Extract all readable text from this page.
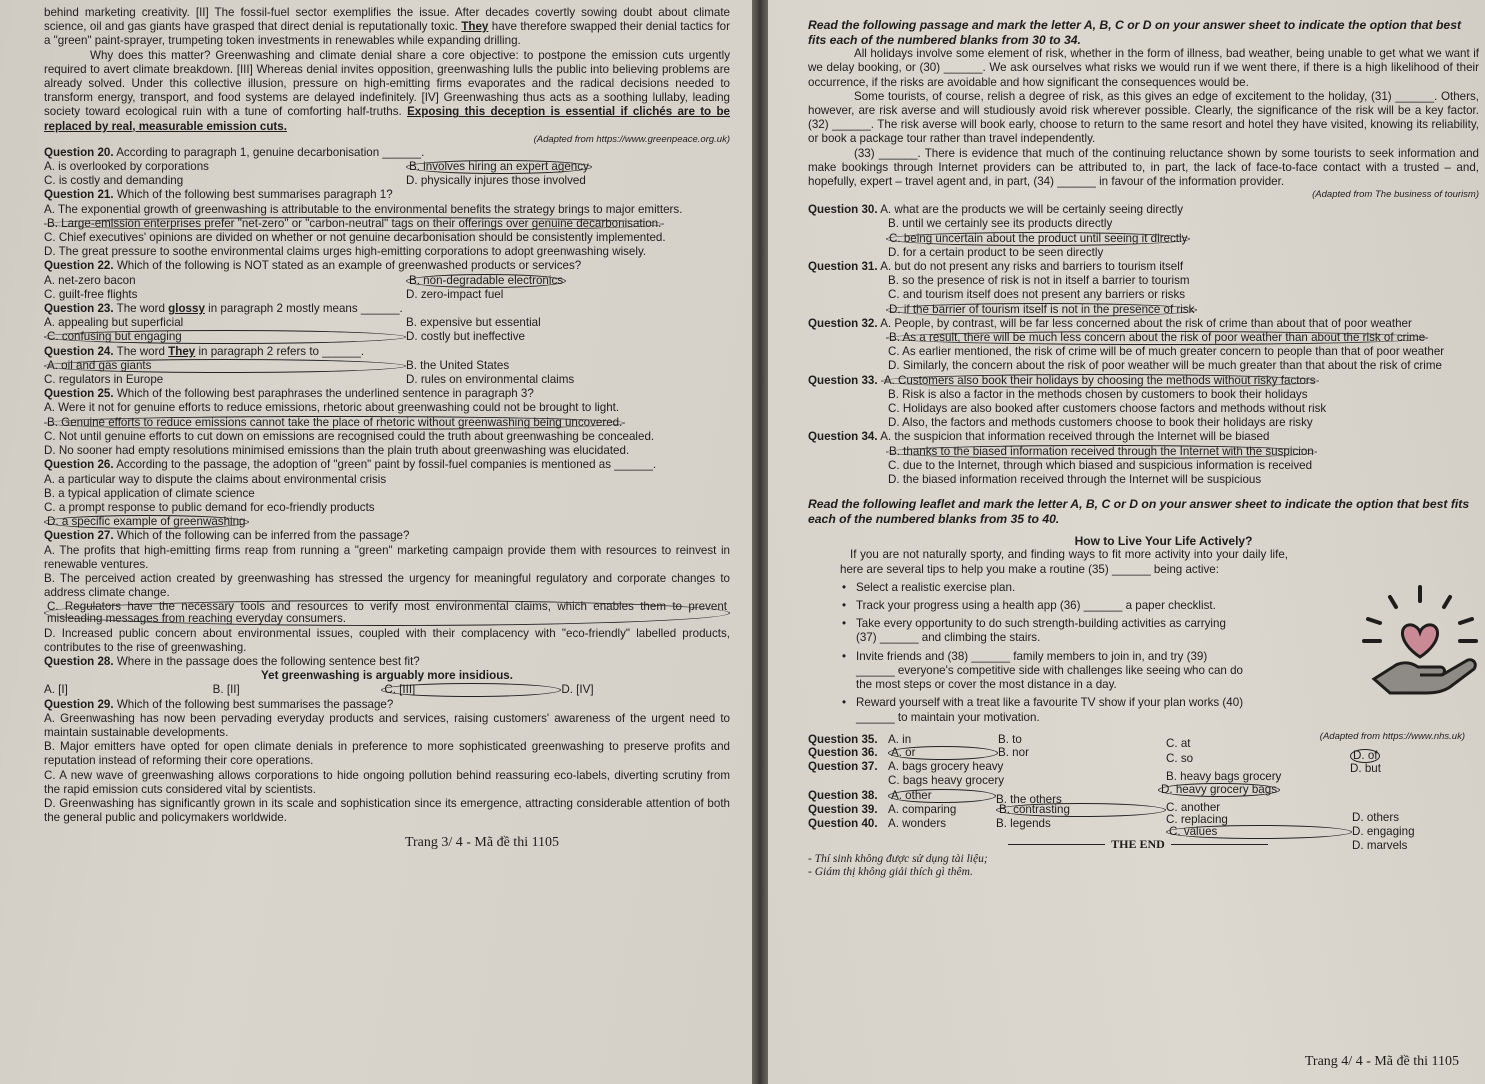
behind marketing creativity. [II] The fossil-fuel sector exemplifies the issue. After decades covertly sowing doubt about climate science, oil and gas giants have grasped that direct denial is reputationally toxic. They have therefore swapped their denial tactics for a "green" paint-sprayer, trumpeting token investments in renewables while expanding drilling.
Why does this matter? Greenwashing and climate denial share a core objective: to postpone the emission cuts urgently required to avert climate breakdown. [III] Whereas denial invites opposition, greenwashing lulls the public into believing problems are already solved. Under this collective illusion, pressure on high-emitting firms evaporates and the radical decisions needed to transform energy, transport, and food systems are delayed indefinitely. [IV] Greenwashing thus acts as a soothing lullaby, leading society toward ecological ruin with a tune of comforting half-truths. Exposing this deception is essential if clichés are to be replaced by real, measurable emission cuts.
(Adapted from https://www.greenpeace.org.uk)
Question 20. According to paragraph 1, genuine decarbonisation ______.
A. is overlooked by corporations	B. involves hiring an expert agency
C. is costly and demanding	D. physically injures those involved
Question 21. Which of the following best summarises paragraph 1?
A. The exponential growth of greenwashing is attributable to the environmental benefits the strategy brings to major emitters.
B. Large-emission enterprises prefer "net-zero" or "carbon-neutral" tags on their offerings over genuine decarbonisation.
C. Chief executives' opinions are divided on whether or not genuine decarbonisation should be consistently implemented.
D. The great pressure to soothe environmental claims urges high-emitting corporations to adopt greenwashing wisely.
Question 22. Which of the following is NOT stated as an example of greenwashed products or services?
A. net-zero bacon	B. non-degradable electronics
C. guilt-free flights	D. zero-impact fuel
Question 23. The word glossy in paragraph 2 mostly means ______.
A. appealing but superficial	B. expensive but essential
C. confusing but engaging	D. costly but ineffective
Question 24. The word They in paragraph 2 refers to ______.
A. oil and gas giants	B. the United States
C. regulators in Europe	D. rules on environmental claims
Question 25. Which of the following best paraphrases the underlined sentence in paragraph 3?
A. Were it not for genuine efforts to reduce emissions, rhetoric about greenwashing could not be brought to light.
B. Genuine efforts to reduce emissions cannot take the place of rhetoric without greenwashing being uncovered.
C. Not until genuine efforts to cut down on emissions are recognised could the truth about greenwashing be concealed.
D. No sooner had empty resolutions minimised emissions than the plain truth about greenwashing was elucidated.
Question 26. According to the passage, the adoption of "green" paint by fossil-fuel companies is mentioned as ______.
A. a particular way to dispute the claims about environmental crisis
B. a typical application of climate science
C. a prompt response to public demand for eco-friendly products
D. a specific example of greenwashing
Question 27. Which of the following can be inferred from the passage?
A. The profits that high-emitting firms reap from running a "green" marketing campaign provide them with resources to reinvest in renewable ventures.
B. The perceived action created by greenwashing has stressed the urgency for meaningful regulatory and corporate changes to address climate change.
C. Regulators have the necessary tools and resources to verify most environmental claims, which enables them to prevent misleading messages from reaching everyday consumers.
D. Increased public concern about environmental issues, coupled with their complacency with "eco-friendly" labelled products, contributes to the rise of greenwashing.
Question 28. Where in the passage does the following sentence best fit?
Yet greenwashing is arguably more insidious.
A. [I]	B. [II]	C. [III]	D. [IV]
Question 29. Which of the following best summarises the passage?
A. Greenwashing has now been pervading everyday products and services, raising customers' awareness of the urgent need to maintain sustainable developments.
B. Major emitters have opted for open climate denials in preference to more sophisticated greenwashing to preserve profits and reputation instead of reforming their core operations.
C. A new wave of greenwashing allows corporations to hide ongoing pollution behind reassuring eco-labels, diverting scrutiny from the rapid emission cuts considered vital by scientists.
D. Greenwashing has significantly grown in its scale and sophistication since its emergence, attracting considerable attention of both the general public and policymakers worldwide.
Trang 3/ 4 - Mã đề thi 1105
Read the following passage and mark the letter A, B, C or D on your answer sheet to indicate the option that best fits each of the numbered blanks from 30 to 34.
All holidays involve some element of risk, whether in the form of illness, bad weather, being unable to get what we want if we delay booking, or (30) ______. We ask ourselves what risks we would run if we went there, if there is a high likelihood of their occurrence, if the risks are avoidable and how significant the consequences would be.
Some tourists, of course, relish a degree of risk, as this gives an edge of excitement to the holiday, (31) ______. Others, however, are risk averse and will studiously avoid risk wherever possible. Clearly, the significance of the risk will be a key factor. (32) ______. The risk averse will book early, choose to return to the same resort and hotel they have visited, knowing its reliability, or book a package tour rather than travel independently.
(33) ______. There is evidence that much of the continuing reluctance shown by some tourists to seek information and make bookings through Internet providers can be attributed to, in part, the lack of face-to-face contact with a trusted – and, hopefully, expert – travel agent and, in part, (34) ______ in favour of the information provider.
(Adapted from The business of tourism)
Question 30. A. what are the products we will be certainly seeing directly
B. until we certainly see its products directly
C. being uncertain about the product until seeing it directly
D. for a certain product to be seen directly
Question 31. A. but do not present any risks and barriers to tourism itself
B. so the presence of risk is not in itself a barrier to tourism
C. and tourism itself does not present any barriers or risks
D. if the barrier of tourism itself is not in the presence of risk
Question 32. A. People, by contrast, will be far less concerned about the risk of crime than about that of poor weather
B. As a result, there will be much less concern about the risk of poor weather than about the risk of crime
C. As earlier mentioned, the risk of crime will be of much greater concern to people than that of poor weather
D. Similarly, the concern about the risk of poor weather will be much greater than that about the risk of crime
Question 33. A. Customers also book their holidays by choosing the methods without risky factors
B. Risk is also a factor in the methods chosen by customers to book their holidays
C. Holidays are also booked after customers choose factors and methods without risk
D. Also, the factors and methods customers choose to book their holidays are risky
Question 34. A. the suspicion that information received through the Internet will be biased
B. thanks to the biased information received through the Internet with the suspicion
C. due to the Internet, through which biased and suspicious information is received
D. the biased information received through the Internet will be suspicious
Read the following leaflet and mark the letter A, B, C or D on your answer sheet to indicate the option that best fits each of the numbered blanks from 35 to 40.
How to Live Your Life Actively?
If you are not naturally sporty, and finding ways to fit more activity into your daily life, here are several tips to help you make a routine (35) ______ being active:
• Select a realistic exercise plan.
• Track your progress using a health app (36) ______ a paper checklist.
• Take every opportunity to do such strength-building activities as carrying (37) ______ and climbing the stairs.
• Invite friends and (38) ______ family members to join in, and try (39) ______ everyone's competitive side with challenges like seeing who can do the most steps or cover the most distance in a day.
• Reward yourself with a treat like a favourite TV show if your plan works (40) ______ to maintain your motivation.
(Adapted from https://www.nhs.uk)
Question 35. A. in	B. to	C. at
D. of
Question 36.	A. or	B. nor	C. so
D. but
Question 37. A. bags grocery heavy
B. heavy bags grocery
C. bags heavy grocery
D. heavy grocery bags
Question 38.	A. other	B. the others
C. another
D. others
Question 39. A. comparing	B. contrasting
C. replacing
D. engaging
Question 40. A. wonders	B. legends
C. values
D. marvels
THE END
- Thí sinh không được sử dụng tài liệu;
- Giám thị không giải thích gì thêm.
Trang 4/ 4 - Mã đề thi 1105
